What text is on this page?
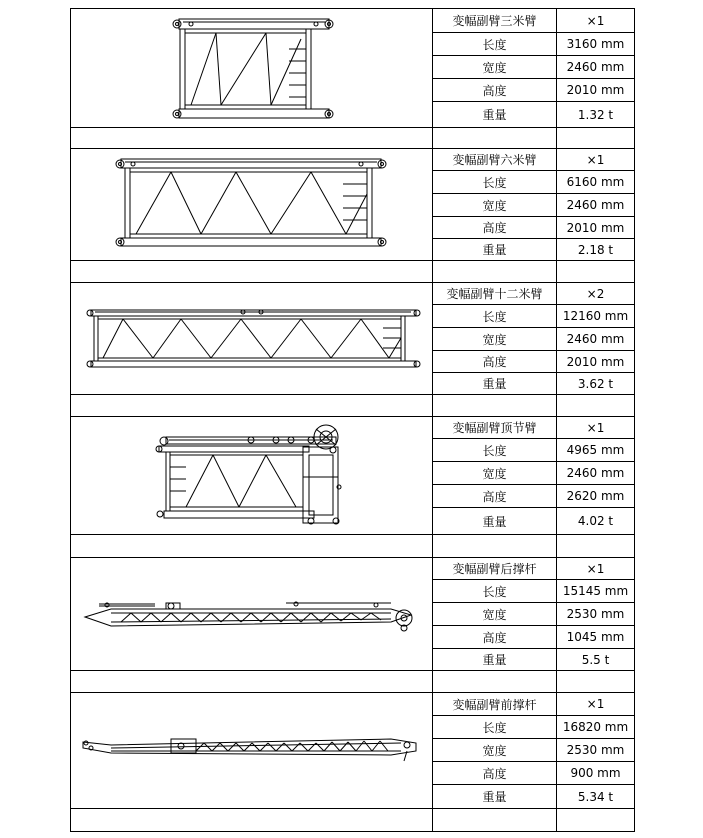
变幅副臂三米臂	×1
长度	3160 mm
宽度	2460 mm
高度	2010 mm
重量	1.32 t
变幅副臂六米臂	×1
长度	6160 mm
宽度	2460 mm
高度	2010 mm
重量	2.18 t
变幅副臂十二米臂	×2
长度	12160 mm
宽度	2460 mm
高度	2010 mm
重量	3.62 t
变幅副臂顶节臂	×1
长度	4965 mm
宽度	2460 mm
高度	2620 mm
重量	4.02 t
变幅副臂后撑杆	×1
长度	15145 mm
宽度	2530 mm
高度	1045 mm
重量	5.5 t
变幅副臂前撑杆	×1
长度	16820 mm
宽度	2530 mm
高度	900 mm
重量	5.34 t
